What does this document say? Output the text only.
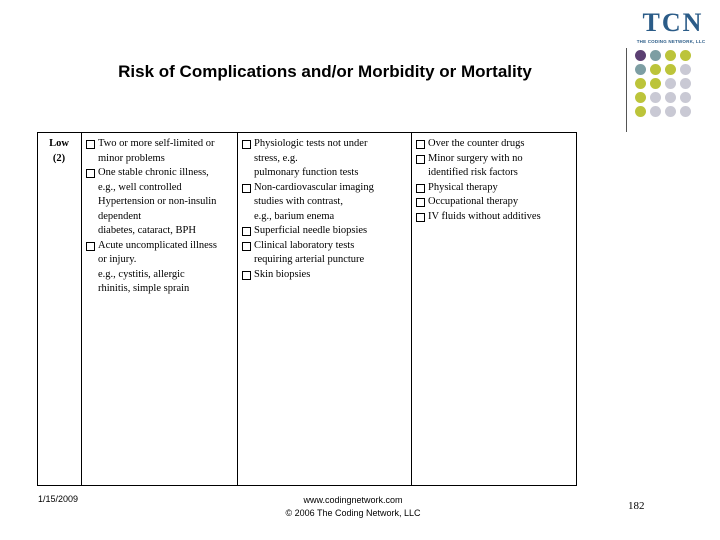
TCN
THE CODING NETWORK, LLC
Risk of Complications and/or Morbidity or Mortality
Low
(2)
Two or more self-limited or
minor problems
One stable chronic illness,
e.g., well controlled
Hypertension or non-insulin
dependent
diabetes, cataract, BPH
Acute uncomplicated illness
or injury.
e.g., cystitis, allergic
rhinitis, simple sprain
Physiologic tests not under
stress, e.g.
pulmonary function tests
Non-cardiovascular imaging
studies with contrast,
e.g., barium enema
Superficial needle biopsies
Clinical laboratory tests
requiring arterial puncture
Skin biopsies
Over the counter drugs
Minor surgery with no
identified risk factors
Physical therapy
Occupational therapy
IV fluids without additives
1/15/2009	www.codingnetwork.com
© 2006 The Coding Network, LLC
182
